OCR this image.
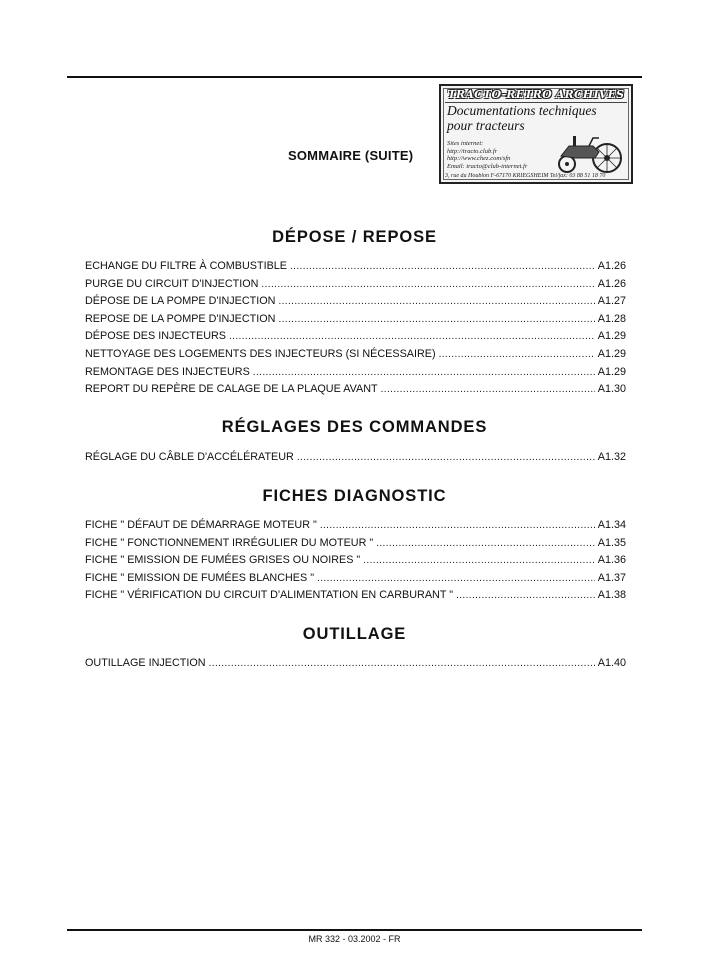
TRACTO-RETRO ARCHIVES
Documentations techniques
pour tracteurs
Sites internet:
http://tracto.club.fr
http://www.chez.com/sfn
Email: tracto@club-internet.fr
3, rue du Houblon F-67170 KRIEGSHEIM Tel/fax: 03 88 51 18 70
SOMMAIRE (SUITE)
DÉPOSE / REPOSE
ECHANGE DU FILTRE À COMBUSTIBLE .....	A1.26
PURGE DU CIRCUIT D'INJECTION .....	A1.26
DÉPOSE DE LA POMPE D'INJECTION .....	A1.27
REPOSE DE LA POMPE D'INJECTION .....	A1.28
DÉPOSE DES INJECTEURS .....	A1.29
NETTOYAGE DES LOGEMENTS DES INJECTEURS (SI NÉCESSAIRE) .....	A1.29
REMONTAGE DES INJECTEURS .....	A1.29
REPORT DU REPÈRE DE CALAGE DE LA PLAQUE AVANT .....	A1.30
RÉGLAGES DES COMMANDES
RÉGLAGE DU CÂBLE D'ACCÉLÉRATEUR .....	A1.32
FICHES DIAGNOSTIC
FICHE " DÉFAUT DE DÉMARRAGE MOTEUR " .....	A1.34
FICHE " FONCTIONNEMENT IRRÉGULIER DU MOTEUR " .....	A1.35
FICHE " EMISSION DE FUMÉES GRISES OU NOIRES " .....	A1.36
FICHE " EMISSION DE FUMÉES BLANCHES " .....	A1.37
FICHE " VÉRIFICATION DU CIRCUIT D'ALIMENTATION EN CARBURANT " .....	A1.38
OUTILLAGE
OUTILLAGE INJECTION .....	A1.40
MR 332 - 03.2002 - FR
